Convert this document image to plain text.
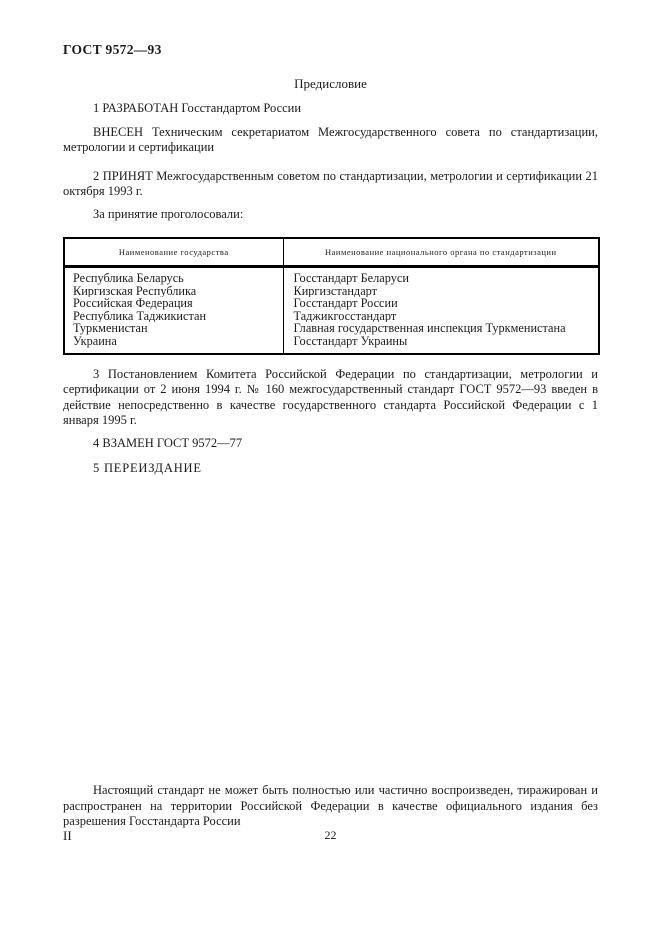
ГОСТ 9572—93
Предисловие

1 РАЗРАБОТАН Госстандартом России

ВНЕСЕН Техническим секретариатом Межгосударственного совета по стандартизации, метрологии и сертификации

2 ПРИНЯТ Межгосударственным советом по стандартизации, метрологии и сертификации 21 октября 1993 г.

За принятие проголосовали:

Наименование государства	Наименование национального органа по стандартизации
Республика Беларусь	Госстандарт Беларуси
Киргизская Республика	Киргизстандарт
Российская Федерация	Госстандарт России
Республика Таджикистан	Таджикгосстандарт
Туркменистан	Главная государственная инспекция Туркменистана
Украина	Госстандарт Украины

3 Постановлением Комитета Российской Федерации по стандартизации, метрологии и сертификации от 2 июня 1994 г. № 160 межгосударственный стандарт ГОСТ 9572—93 введен в действие непосредственно в качестве государственного стандарта Российской Федерации с 1 января 1995 г.

4 ВЗАМЕН ГОСТ 9572—77

5 ПЕРЕИЗДАНИЕ

Настоящий стандарт не может быть полностью или частично воспроизведен, тиражирован и распространен на территории Российской Федерации в качестве официального издания без разрешения Госстандарта России
II	22
